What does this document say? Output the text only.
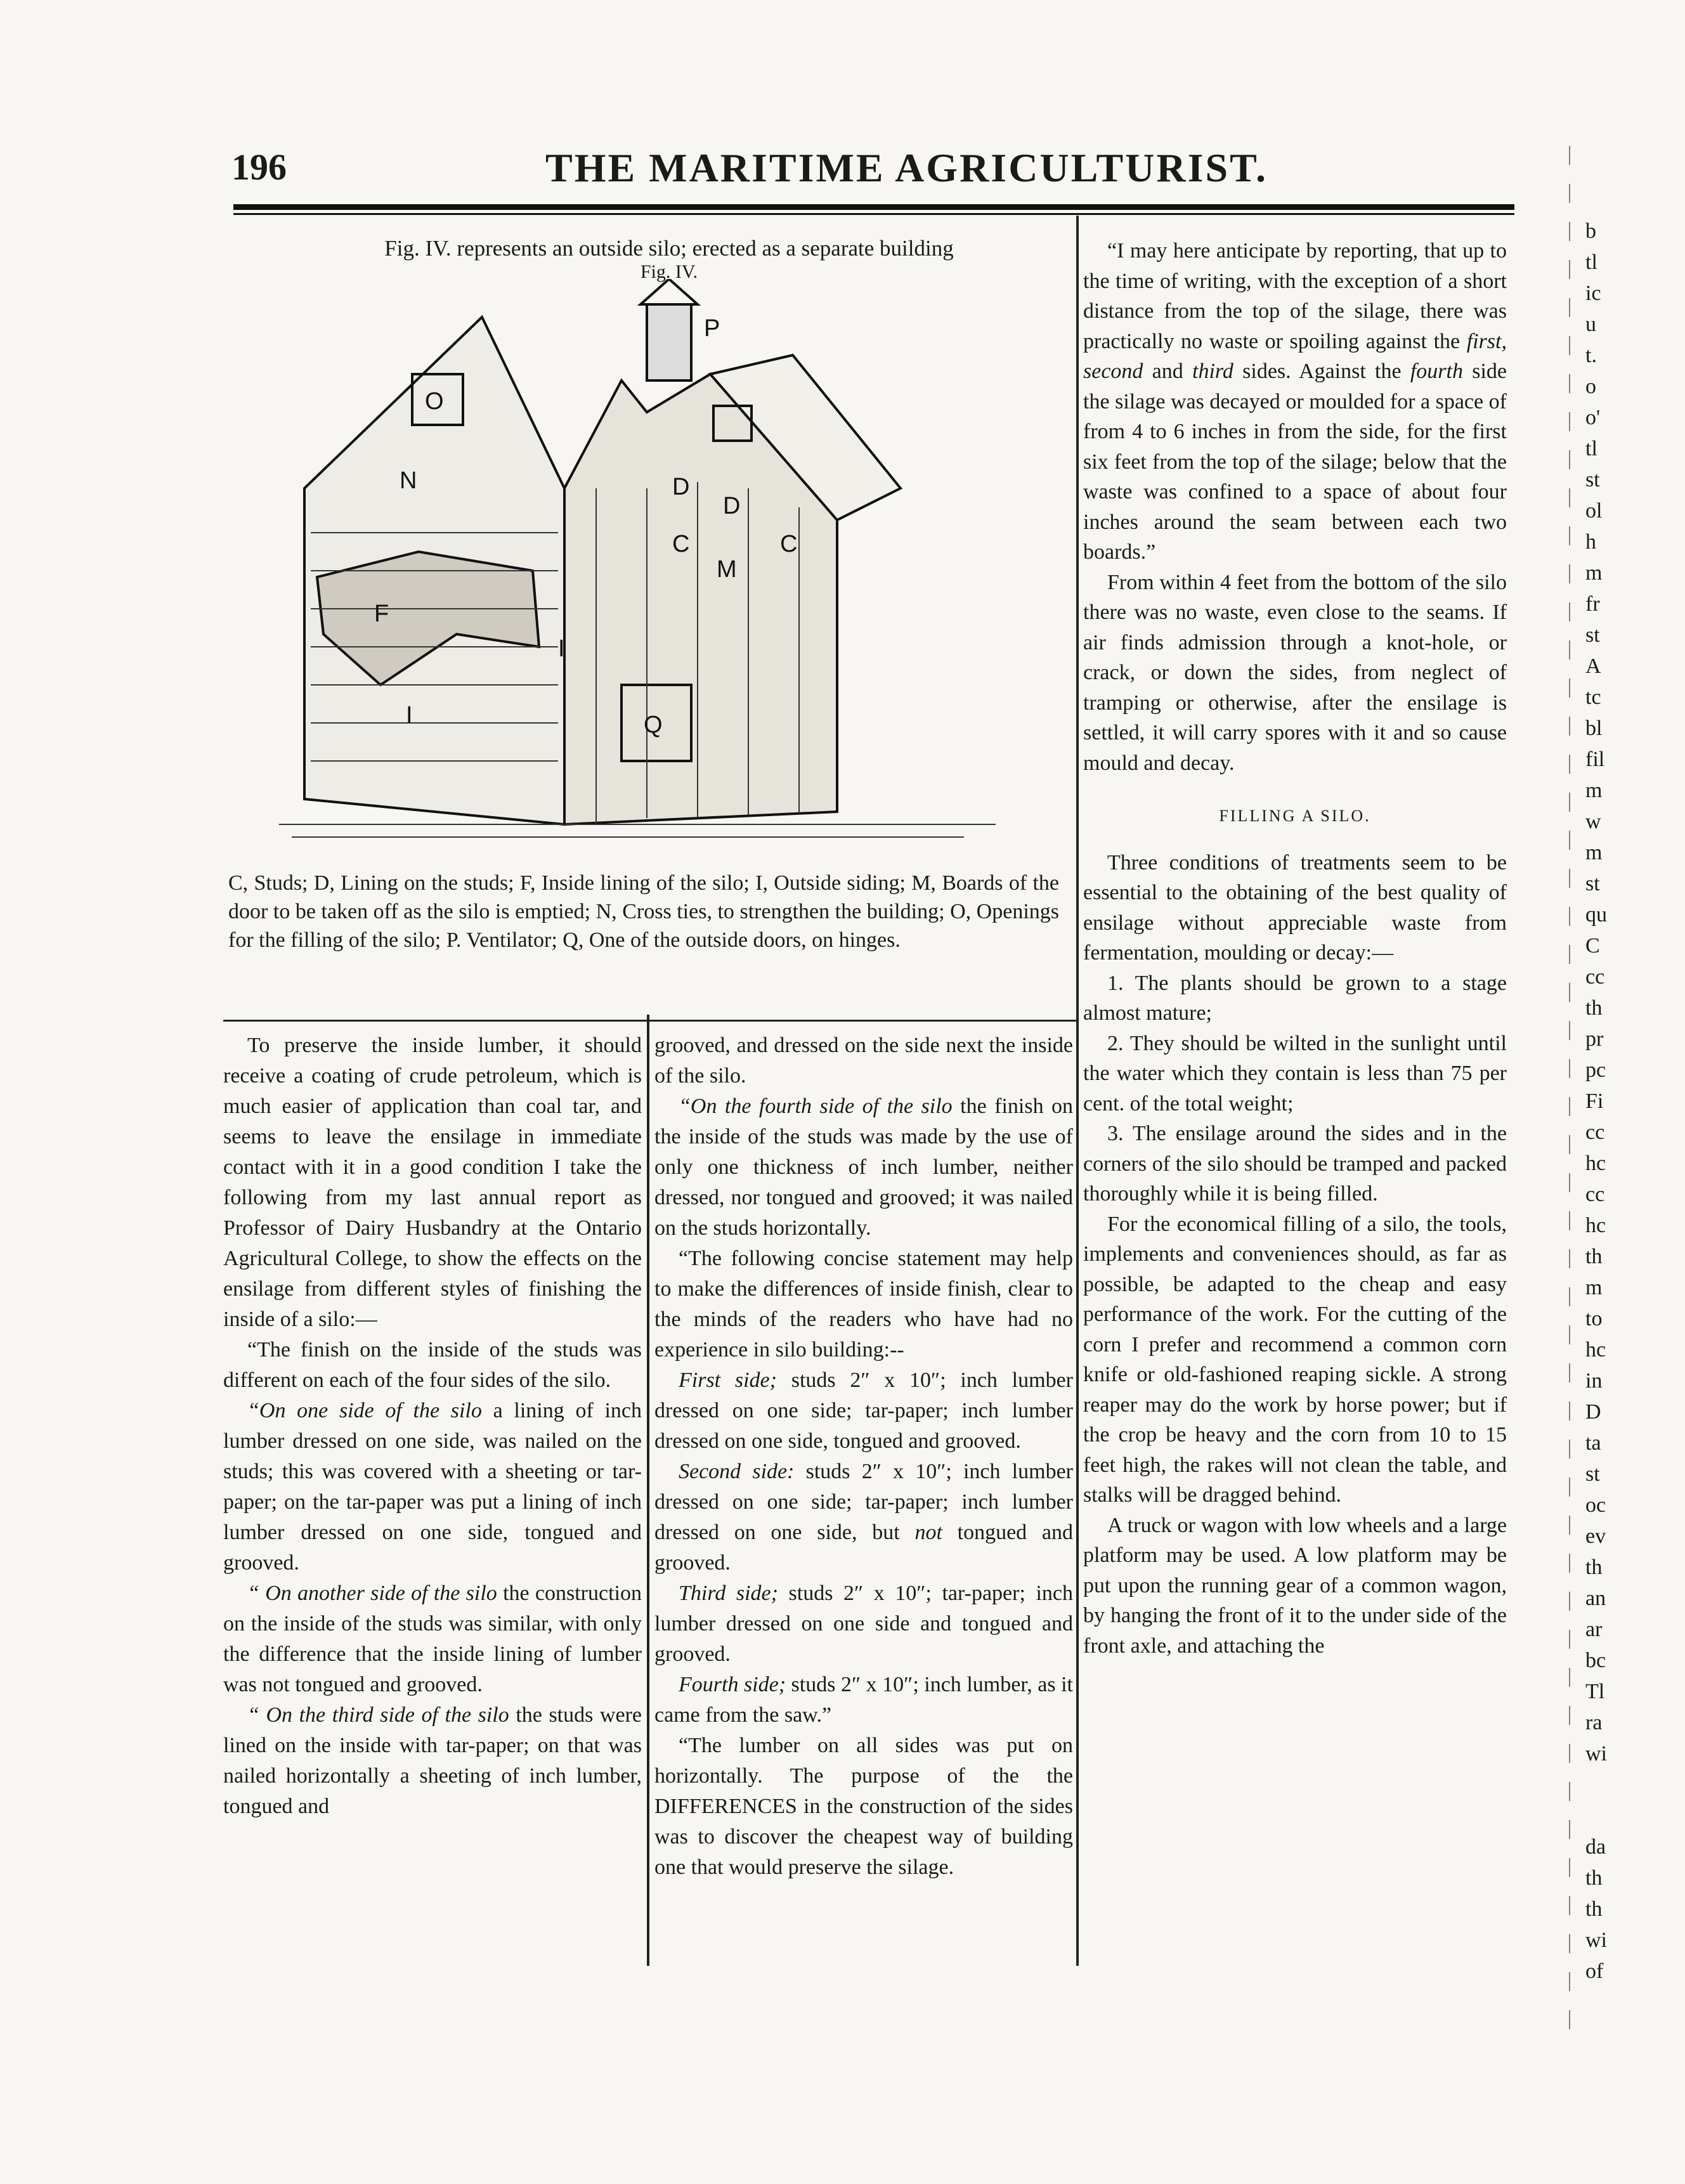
196	THE MARITIME AGRICULTURIST.
Fig. IV. represents an outside silo; erected as a separate building
Fig. IV.
O
P
N	D
D
C	C
M
F
I
I
Q
C, Studs; D, Lining on the studs; F, Inside lining of the silo; I, Outside siding; M, Boards of the door to be taken off as the silo is emptied; N, Cross ties, to strengthen the building; O, Openings for the filling of the silo; P. Ventilator; Q, One of the outside doors, on hinges.

To preserve the inside lumber, it should receive a coating of crude petroleum, which is much easier of application than coal tar, and seems to leave the ensilage in immediate contact with it in a good condition I take the following from my last annual report as Professor of Dairy Husbandry at the Ontario Agricultural College, to show the effects on the ensilage from different styles of finishing the inside of a silo:—

“The finish on the inside of the studs was different on each of the four sides of the silo.

“On one side of the silo a lining of inch lumber dressed on one side, was nailed on the studs; this was covered with a sheeting or tar-paper; on the tar-paper was put a lining of inch lumber dressed on one side, tongued and grooved.

“ On another side of the silo the construction on the inside of the studs was similar, with only the difference that the inside lining of lumber was not tongued and grooved.

“ On the third side of the silo the studs were lined on the inside with tar-paper; on that was nailed horizontally a sheeting of inch lumber, tongued and

grooved, and dressed on the side next the inside of the silo.

“On the fourth side of the silo the finish on the inside of the studs was made by the use of only one thickness of inch lumber, neither dressed, nor tongued and grooved; it was nailed on the studs horizontally.

“The following concise statement may help to make the differences of inside finish, clear to the minds of the readers who have had no experience in silo building:--

First side; studs 2″ x 10″; inch lumber dressed on one side; tar-paper; inch lumber dressed on one side, tongued and grooved.

Second side: studs 2″ x 10″; inch lumber dressed on one side; tar-paper; inch lumber dressed on one side, but not tongued and grooved.

Third side; studs 2″ x 10″; tar-paper; inch lumber dressed on one side and tongued and grooved.

Fourth side; studs 2″ x 10″; inch lumber, as it came from the saw.”

“The lumber on all sides was put on horizontally. The purpose of the the DIFFERENCES in the construction of the sides was to discover the cheapest way of building one that would preserve the silage.

“I may here anticipate by reporting, that up to the time of writing, with the exception of a short distance from the top of the silage, there was practically no waste or spoiling against the first, second and third sides. Against the fourth side the silage was decayed or moulded for a space of from 4 to 6 inches in from the side, for the first six feet from the top of the silage; below that the waste was confined to a space of about four inches around the seam between each two boards.”

From within 4 feet from the bottom of the silo there was no waste, even close to the seams. If air finds admission through a knot-hole, or crack, or down the sides, from neglect of tramping or otherwise, after the ensilage is settled, it will carry spores with it and so cause mould and decay.

FILLING A SILO.

Three conditions of treatments seem to be essential to the obtaining of the best quality of ensilage without appreciable waste from fermentation, moulding or decay:—

1. The plants should be grown to a stage almost mature;

2. They should be wilted in the sunlight until the water which they contain is less than 75 per cent. of the total weight;

3. The ensilage around the sides and in the corners of the silo should be tramped and packed thoroughly while it is being filled.

For the economical filling of a silo, the tools, implements and conveniences should, as far as possible, be adapted to the cheap and easy performance of the work. For the cutting of the corn I prefer and recommend a common corn knife or old-fashioned reaping sickle. A strong reaper may do the work by horse power; but if the crop be heavy and the corn from 10 to 15 feet high, the rakes will not clean the table, and stalks will be dragged behind.

A truck or wagon with low wheels and a large platform may be used. A low platform may be put upon the running gear of a common wagon, by hanging the front of it to the under side of the front axle, and attaching the

b
tl
ic
u
t.
o
o'
tl
st
ol
h
m
fr
st
A
tc
bl
fil
m
w
m
st
qu
C
cc
th
pr
pc
Fi
cc
hc
cc
hc
th
m
to
hc
in
D
ta
st
oc
ev
th
an
ar
bc
Tl
ra
wi
da
th
th
wi
of
